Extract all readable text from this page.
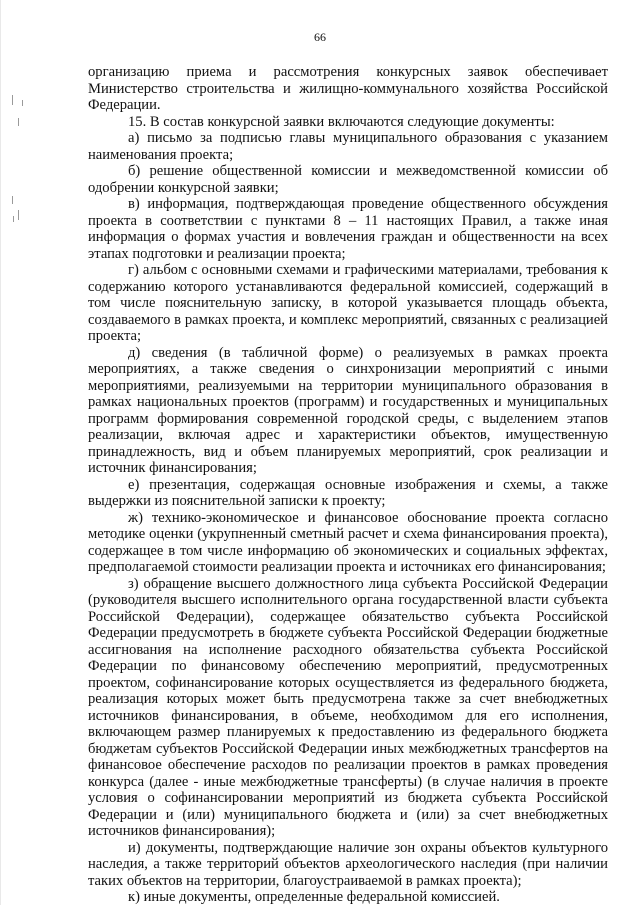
66

организацию приема и рассмотрения конкурсных заявок обеспечивает Министерство строительства и жилищно-коммунального хозяйства Российской Федерации.

15. В состав конкурсной заявки включаются следующие документы:

а) письмо за подписью главы муниципального образования с указанием наименования проекта;

б) решение общественной комиссии и межведомственной комиссии об одобрении конкурсной заявки;

в) информация, подтверждающая проведение общественного обсуждения проекта в соответствии с пунктами 8 – 11 настоящих Правил, а также иная информация о формах участия и вовлечения граждан и общественности на всех этапах подготовки и реализации проекта;

г) альбом с основными схемами и графическими материалами, требования к содержанию которого устанавливаются федеральной комиссией, содержащий в том числе пояснительную записку, в которой указывается площадь объекта, создаваемого в рамках проекта, и комплекс мероприятий, связанных с реализацией проекта;

д) сведения (в табличной форме) о реализуемых в рамках проекта мероприятиях, а также сведения о синхронизации мероприятий с иными мероприятиями, реализуемыми на территории муниципального образования в рамках национальных проектов (программ) и государственных и муниципальных программ формирования современной городской среды, с выделением этапов реализации, включая адрес и характеристики объектов, имущественную принадлежность, вид и объем планируемых мероприятий, срок реализации и источник финансирования;

е) презентация, содержащая основные изображения и схемы, а также выдержки из пояснительной записки к проекту;

ж) технико-экономическое и финансовое обоснование проекта согласно методике оценки (укрупненный сметный расчет и схема финансирования проекта), содержащее в том числе информацию об экономических и социальных эффектах, предполагаемой стоимости реализации проекта и источниках его финансирования;

з) обращение высшего должностного лица субъекта Российской Федерации (руководителя высшего исполнительного органа государственной власти субъекта Российской Федерации), содержащее обязательство субъекта Российской Федерации предусмотреть в бюджете субъекта Российской Федерации бюджетные ассигнования на исполнение расходного обязательства субъекта Российской Федерации по финансовому обеспечению мероприятий, предусмотренных проектом, софинансирование которых осуществляется из федерального бюджета, реализация которых может быть предусмотрена также за счет внебюджетных источников финансирования, в объеме, необходимом для его исполнения, включающем размер планируемых к предоставлению из федерального бюджета бюджетам субъектов Российской Федерации иных межбюджетных трансфертов на финансовое обеспечение расходов по реализации проектов в рамках проведения конкурса (далее - иные межбюджетные трансферты) (в случае наличия в проекте условия о софинансировании мероприятий из бюджета субъекта Российской Федерации и (или) муниципального бюджета и (или) за счет внебюджетных источников финансирования);

и) документы, подтверждающие наличие зон охраны объектов культурного наследия, а также территорий объектов археологического наследия (при наличии таких объектов на территории, благоустраиваемой в рамках проекта);

к) иные документы, определенные федеральной комиссией.
